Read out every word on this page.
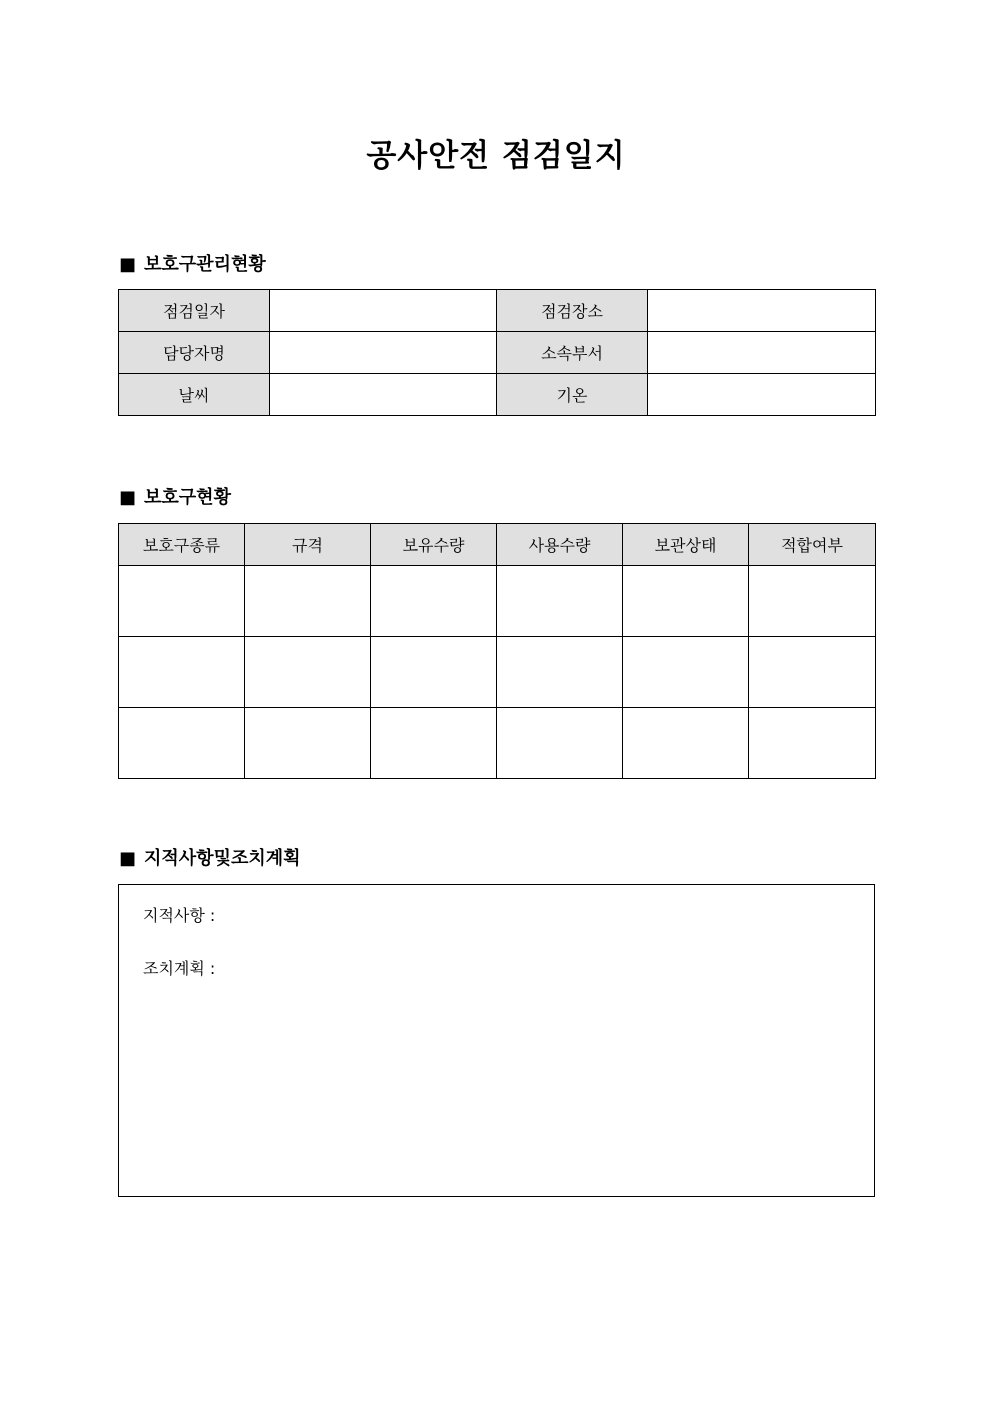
공사안전 점검일지
■ 보호구관리현황
점검일자		점검장소	
담당자명		소속부서	
날씨		기온	
■ 보호구현황
보호구종류	규격	보유수량	사용수량	보관상태	적합여부

■ 지적사항및조치계획
지적사항 :
조치계획 :
